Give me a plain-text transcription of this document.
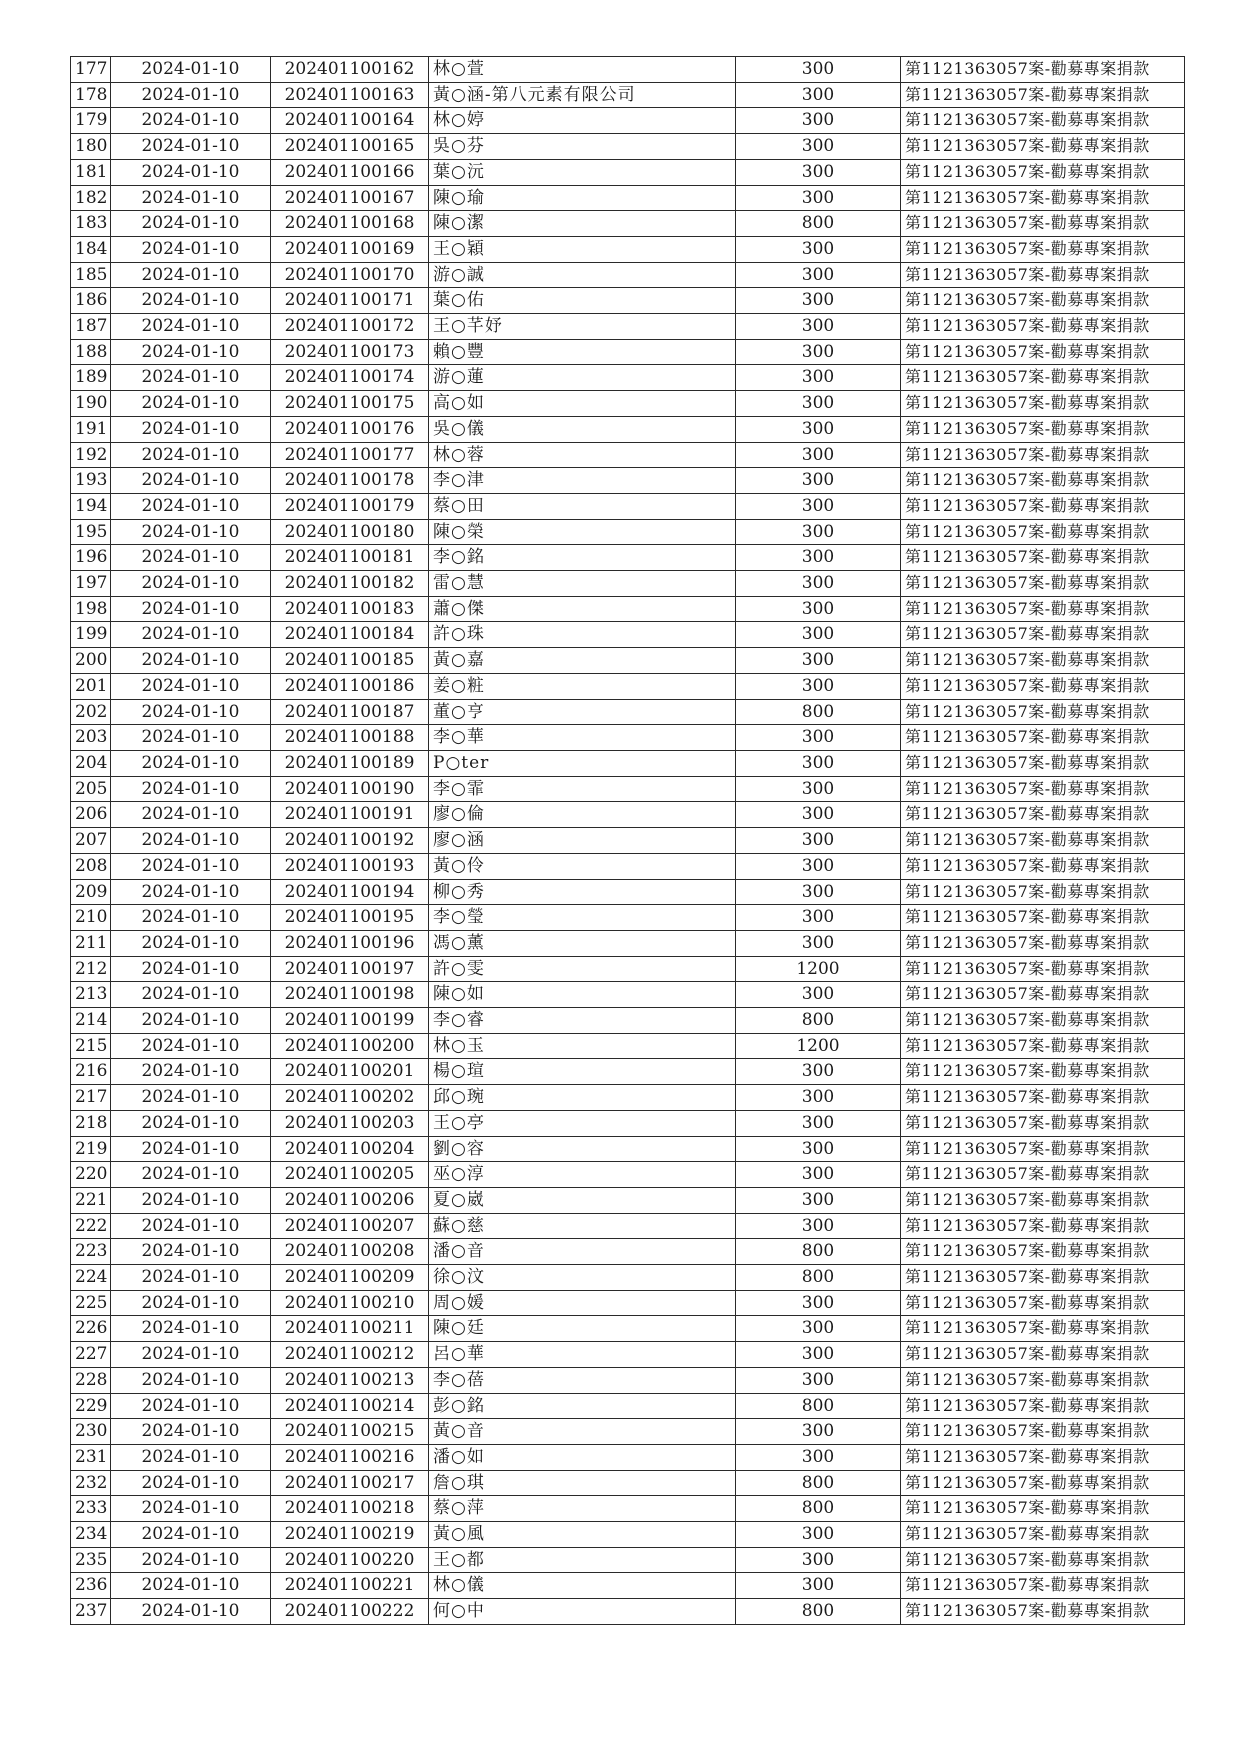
177	2024-01-10	202401100162	林○萱	300	第1121363057案-勸募專案捐款
178	2024-01-10	202401100163	黃○涵-第八元素有限公司	300	第1121363057案-勸募專案捐款
179	2024-01-10	202401100164	林○婷	300	第1121363057案-勸募專案捐款
180	2024-01-10	202401100165	吳○芬	300	第1121363057案-勸募專案捐款
181	2024-01-10	202401100166	葉○沅	300	第1121363057案-勸募專案捐款
182	2024-01-10	202401100167	陳○瑜	300	第1121363057案-勸募專案捐款
183	2024-01-10	202401100168	陳○潔	800	第1121363057案-勸募專案捐款
184	2024-01-10	202401100169	王○穎	300	第1121363057案-勸募專案捐款
185	2024-01-10	202401100170	游○誠	300	第1121363057案-勸募專案捐款
186	2024-01-10	202401100171	葉○佑	300	第1121363057案-勸募專案捐款
187	2024-01-10	202401100172	王○芊妤	300	第1121363057案-勸募專案捐款
188	2024-01-10	202401100173	賴○豐	300	第1121363057案-勸募專案捐款
189	2024-01-10	202401100174	游○蓮	300	第1121363057案-勸募專案捐款
190	2024-01-10	202401100175	高○如	300	第1121363057案-勸募專案捐款
191	2024-01-10	202401100176	吳○儀	300	第1121363057案-勸募專案捐款
192	2024-01-10	202401100177	林○蓉	300	第1121363057案-勸募專案捐款
193	2024-01-10	202401100178	李○津	300	第1121363057案-勸募專案捐款
194	2024-01-10	202401100179	蔡○田	300	第1121363057案-勸募專案捐款
195	2024-01-10	202401100180	陳○榮	300	第1121363057案-勸募專案捐款
196	2024-01-10	202401100181	李○銘	300	第1121363057案-勸募專案捐款
197	2024-01-10	202401100182	雷○慧	300	第1121363057案-勸募專案捐款
198	2024-01-10	202401100183	蕭○傑	300	第1121363057案-勸募專案捐款
199	2024-01-10	202401100184	許○珠	300	第1121363057案-勸募專案捐款
200	2024-01-10	202401100185	黃○嘉	300	第1121363057案-勸募專案捐款
201	2024-01-10	202401100186	姜○粧	300	第1121363057案-勸募專案捐款
202	2024-01-10	202401100187	董○亨	800	第1121363057案-勸募專案捐款
203	2024-01-10	202401100188	李○華	300	第1121363057案-勸募專案捐款
204	2024-01-10	202401100189	P○ter	300	第1121363057案-勸募專案捐款
205	2024-01-10	202401100190	李○霏	300	第1121363057案-勸募專案捐款
206	2024-01-10	202401100191	廖○倫	300	第1121363057案-勸募專案捐款
207	2024-01-10	202401100192	廖○涵	300	第1121363057案-勸募專案捐款
208	2024-01-10	202401100193	黃○伶	300	第1121363057案-勸募專案捐款
209	2024-01-10	202401100194	柳○秀	300	第1121363057案-勸募專案捐款
210	2024-01-10	202401100195	李○瑩	300	第1121363057案-勸募專案捐款
211	2024-01-10	202401100196	馮○薰	300	第1121363057案-勸募專案捐款
212	2024-01-10	202401100197	許○雯	1200	第1121363057案-勸募專案捐款
213	2024-01-10	202401100198	陳○如	300	第1121363057案-勸募專案捐款
214	2024-01-10	202401100199	李○睿	800	第1121363057案-勸募專案捐款
215	2024-01-10	202401100200	林○玉	1200	第1121363057案-勸募專案捐款
216	2024-01-10	202401100201	楊○瑄	300	第1121363057案-勸募專案捐款
217	2024-01-10	202401100202	邱○琬	300	第1121363057案-勸募專案捐款
218	2024-01-10	202401100203	王○亭	300	第1121363057案-勸募專案捐款
219	2024-01-10	202401100204	劉○容	300	第1121363057案-勸募專案捐款
220	2024-01-10	202401100205	巫○淳	300	第1121363057案-勸募專案捐款
221	2024-01-10	202401100206	夏○崴	300	第1121363057案-勸募專案捐款
222	2024-01-10	202401100207	蘇○慈	300	第1121363057案-勸募專案捐款
223	2024-01-10	202401100208	潘○音	800	第1121363057案-勸募專案捐款
224	2024-01-10	202401100209	徐○汶	800	第1121363057案-勸募專案捐款
225	2024-01-10	202401100210	周○媛	300	第1121363057案-勸募專案捐款
226	2024-01-10	202401100211	陳○廷	300	第1121363057案-勸募專案捐款
227	2024-01-10	202401100212	呂○華	300	第1121363057案-勸募專案捐款
228	2024-01-10	202401100213	李○蓓	300	第1121363057案-勸募專案捐款
229	2024-01-10	202401100214	彭○銘	800	第1121363057案-勸募專案捐款
230	2024-01-10	202401100215	黃○音	300	第1121363057案-勸募專案捐款
231	2024-01-10	202401100216	潘○如	300	第1121363057案-勸募專案捐款
232	2024-01-10	202401100217	詹○琪	800	第1121363057案-勸募專案捐款
233	2024-01-10	202401100218	蔡○萍	800	第1121363057案-勸募專案捐款
234	2024-01-10	202401100219	黃○風	300	第1121363057案-勸募專案捐款
235	2024-01-10	202401100220	王○都	300	第1121363057案-勸募專案捐款
236	2024-01-10	202401100221	林○儀	300	第1121363057案-勸募專案捐款
237	2024-01-10	202401100222	何○中	800	第1121363057案-勸募專案捐款
